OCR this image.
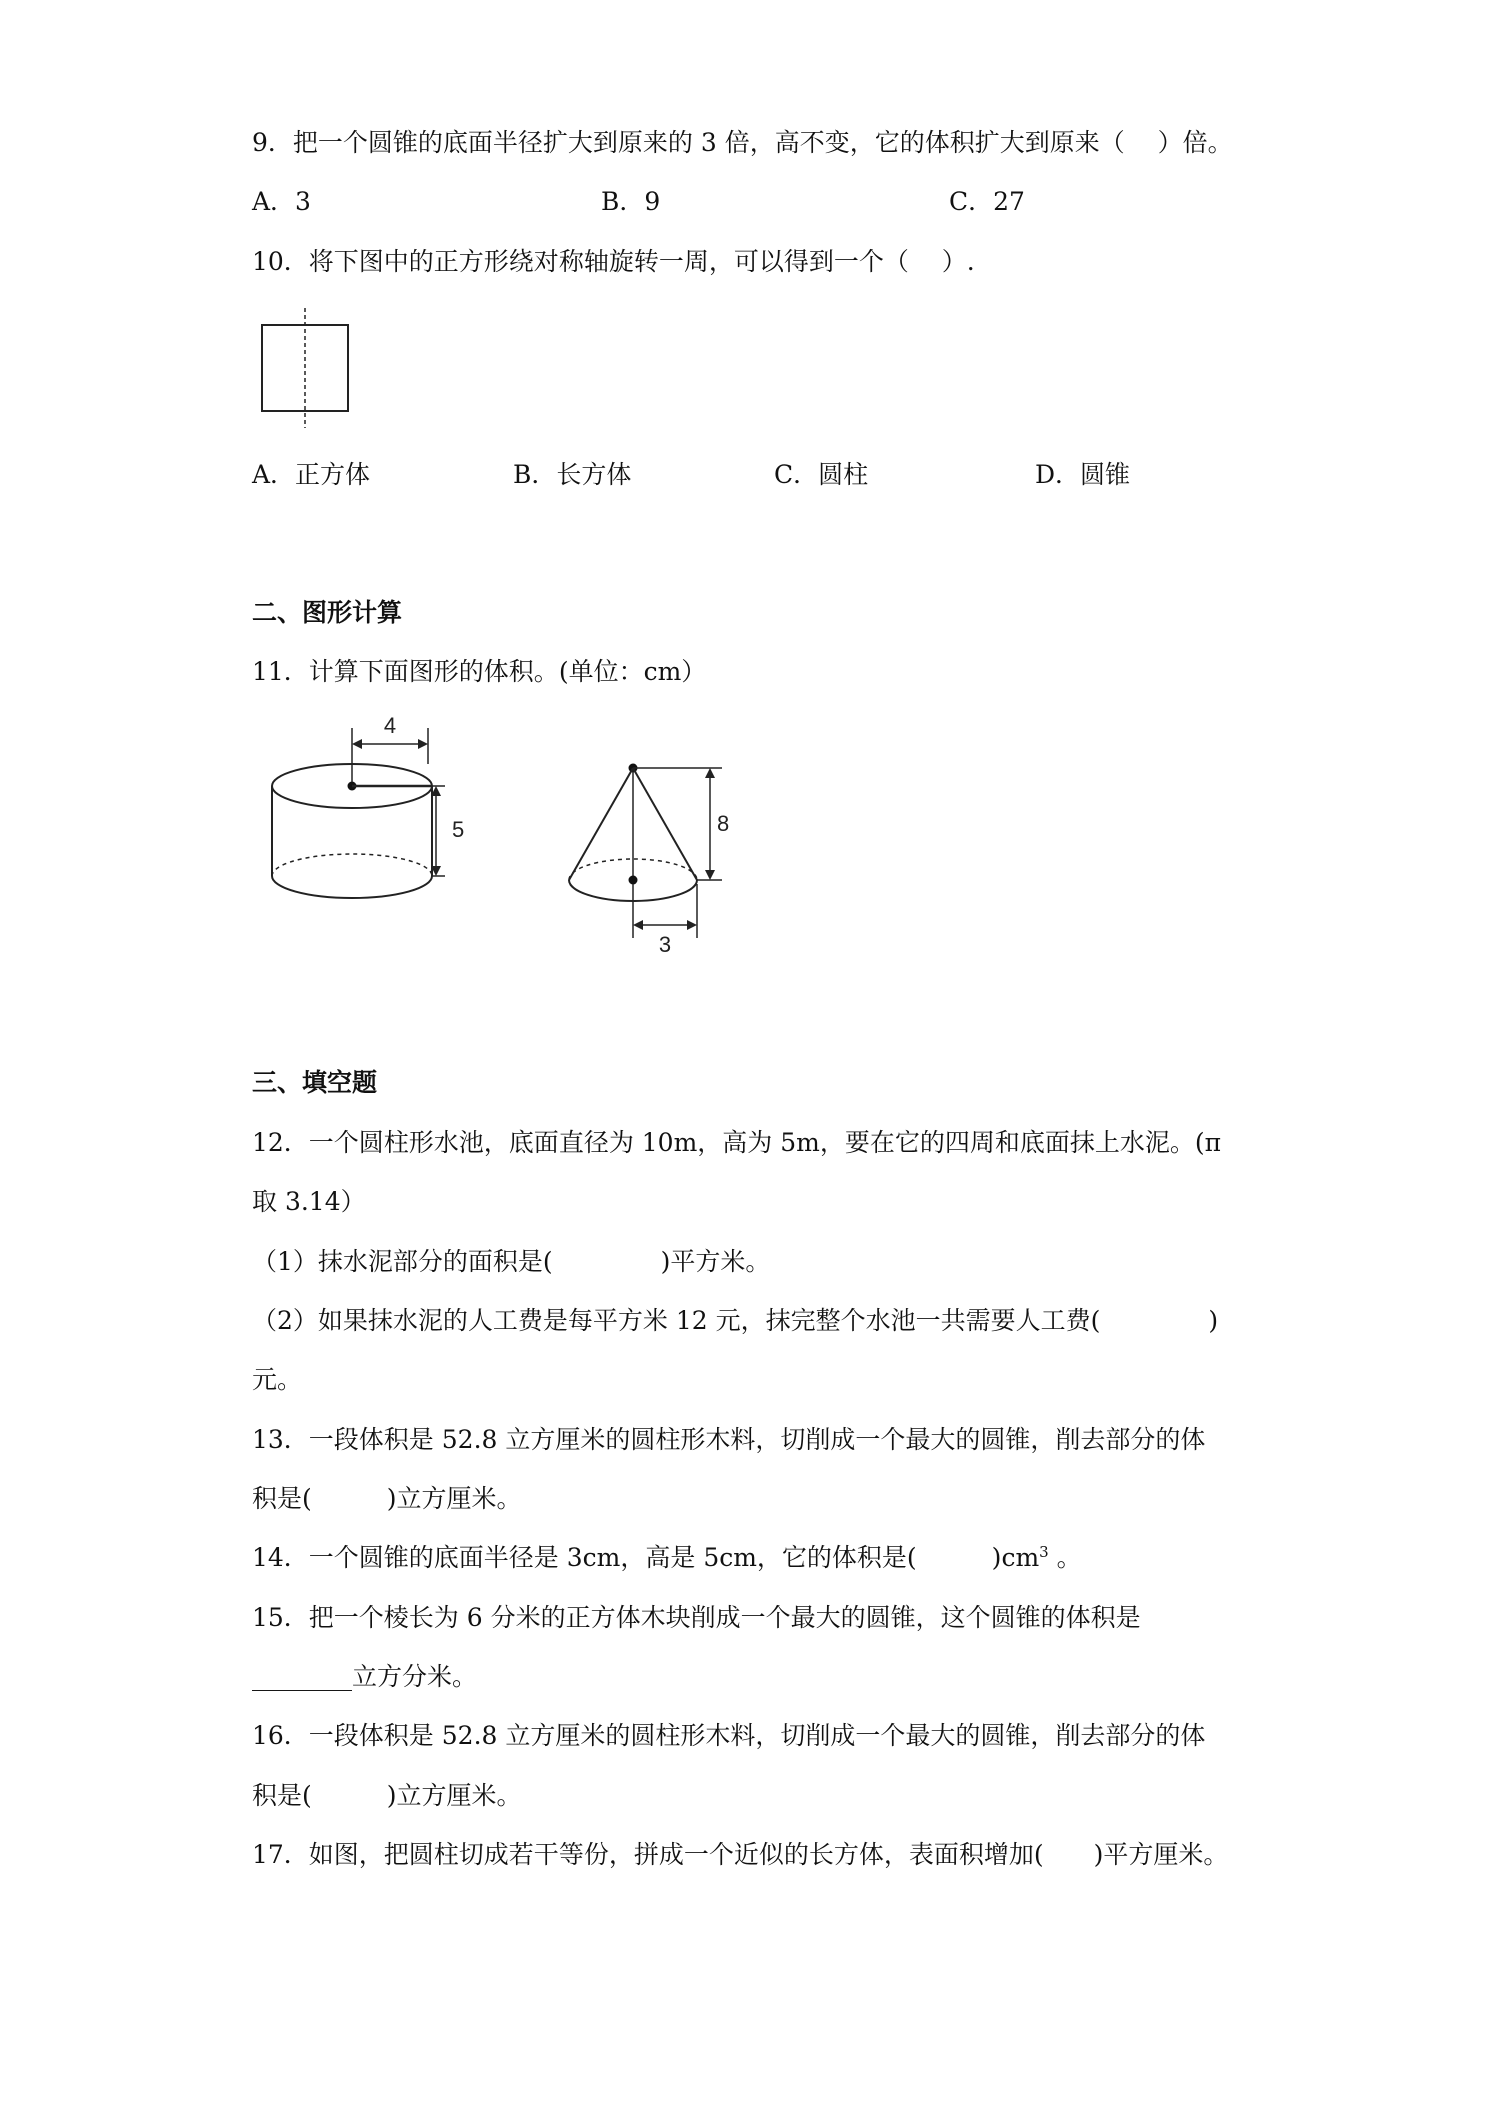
9．把一个圆锥的底面半径扩大到原来的 3 倍，高不变，它的体积扩大到原来（　 ）倍。
A．3	B．9	C．27
10．将下图中的正方形绕对称轴旋转一周，可以得到一个（　 ）.
A．正方体	B．长方体	C．圆柱	D．圆锥
二、图形计算
11．计算下面图形的体积。(单位：cm）
4
5	8
3
三、填空题
12．一个圆柱形水池，底面直径为 10m，高为 5m，要在它的四周和底面抹上水泥。(π
取 3.14）
（1）抹水泥部分的面积是(　　　　 )平方米。
（2）如果抹水泥的人工费是每平方米 12 元，抹完整个水池一共需要人工费(　　　 　)
元。
13．一段体积是 52.8 立方厘米的圆柱形木料，切削成一个最大的圆锥，削去部分的体
积是(　　　)立方厘米。
14．一个圆锥的底面半径是 3cm，高是 5cm，它的体积是(　　　)$cm^3$ 。
15．把一个棱长为 6 分米的正方体木块削成一个最大的圆锥，这个圆锥的体积是
________立方分米。
16．一段体积是 52.8 立方厘米的圆柱形木料，切削成一个最大的圆锥，削去部分的体
积是(　　　)立方厘米。
17．如图，把圆柱切成若干等份，拼成一个近似的长方体，表面积增加(　　)平方厘米。
